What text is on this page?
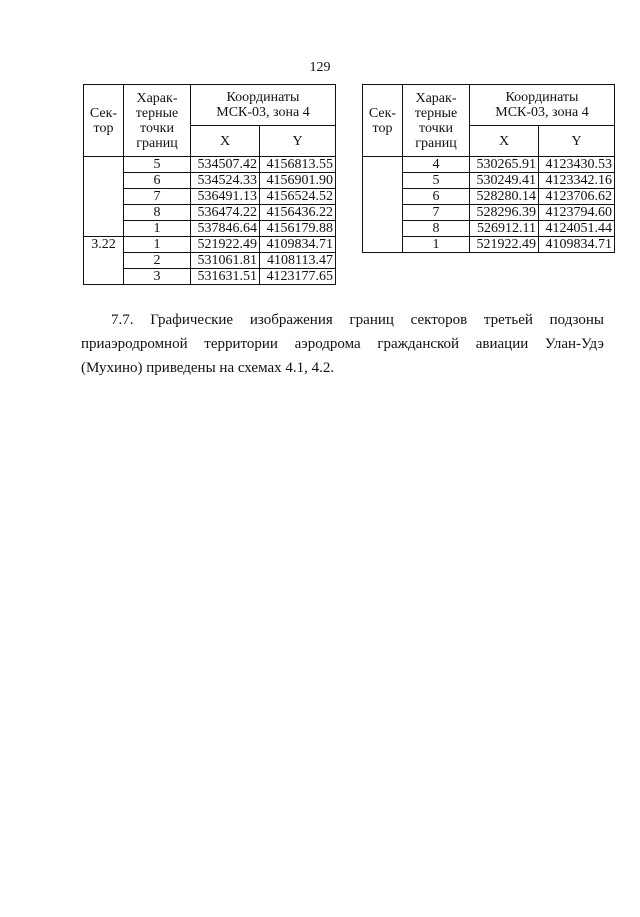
129
Сек-
тор	Харак-
терные
точки
границ	Координаты
МСК-03, зона 4	

		X	Y
	5	534507.42	4156813.55
	6	534524.33	4156901.90
	7	536491.13	4156524.52
	8	536474.22	4156436.22
	1	537846.64	4156179.88
3.22	1	521922.49	4109834.71
	2	531061.81	4108113.47
	3	531631.51	4123177.65
Сек-
тор	Харак-
терные
точки
границ	Координаты
МСК-03, зона 4	

		X	Y
	4	530265.91	4123430.53
	5	530249.41	4123342.16
	6	528280.14	4123706.62
	7	528296.39	4123794.60
	8	526912.11	4124051.44
	1	521922.49	4109834.71
7.7. Графические изображения границ секторов третьей подзоны приаэродромной территории аэродрома гражданской авиации Улан-Удэ (Мухино) приведены на схемах 4.1, 4.2.
